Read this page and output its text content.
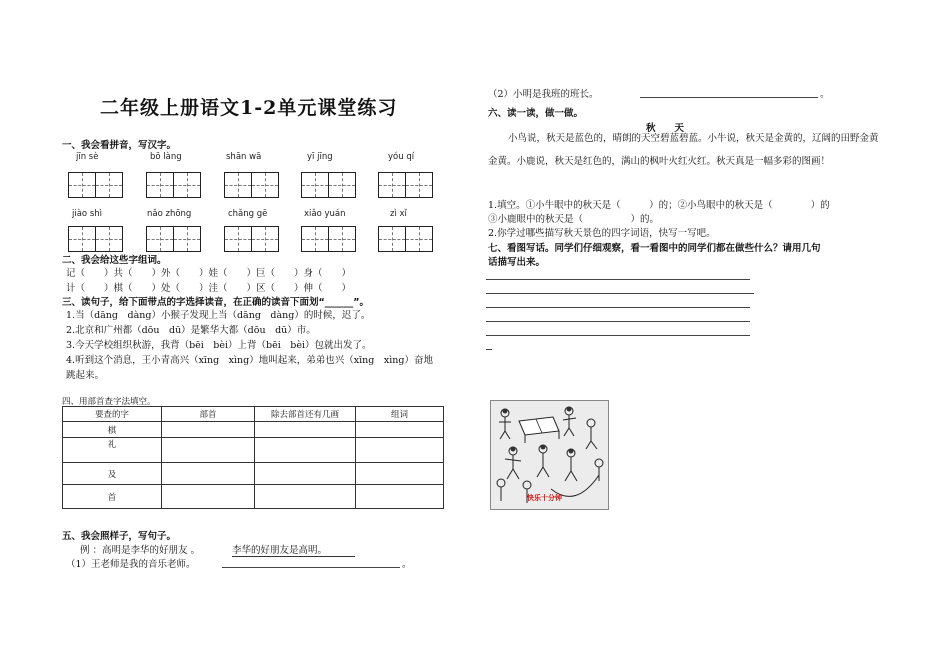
二年级上册语文1-2单元课堂练习
一、我会看拼音，写汉字。
jīn sè	bō làng	shān wā	yī jīng	yóu qí
jiào shì	nǎo zhōng	chǎng gē	xiǎo yuán	zì xǐ
二、我会给这些字组词。
记（　　）共（　　）外（　　）娃（　　）巨（　　）身（　　）
计（　　）棋（　　）处（　　）洼（　　）区（　　）伸（　　）
三、读句子，给下面带点的字选择读音，在正确的读音下面划“______”。
1.当（dāng　dàng）小猴子发现上当（dāng　dàng）的时候，迟了。
2.北京和广州都（dōu　dū）是繁华大都（dōu　dū）市。
3.今天学校组织秋游，我背（bēi　bèi）上背（bēi　bèi）包就出发了。
4.听到这个消息，王小青高兴（xīng　xìng）地叫起来，弟弟也兴（xīng　xìng）奋地
跳起来。
四、用部首查字法填空。
要查的字	部首	除去部首还有几画	组词
棋			
礼			
及			
首			
五、我会照样子，写句子。
例 ：高明是李华的好朋友 。	李华的好朋友是高明。
（1）王老师是我的音乐老师。	。
（2）小明是我班的班长。	。
六、读一读，做一做。
秋　　天
小鸟说，秋天是蓝色的，晴朗的天空碧蓝碧蓝。小牛说，秋天是金黄的，辽阔的田野金黄金黄。小鹿说，秋天是红色的，满山的枫叶火红火红。秋天真是一幅多彩的图画！
1.填空。①小牛眼中的秋天是（　　　）的；②小鸟眼中的秋天是（　　　　）的
③小鹿眼中的秋天是（　　　　　）的。
2.你学过哪些描写秋天景色的四字词语，快写一写吧。
七、看图写话。同学们仔细观察，看一看图中的同学们都在做些什么？请用几句
话描写出来。
快乐十分钟
